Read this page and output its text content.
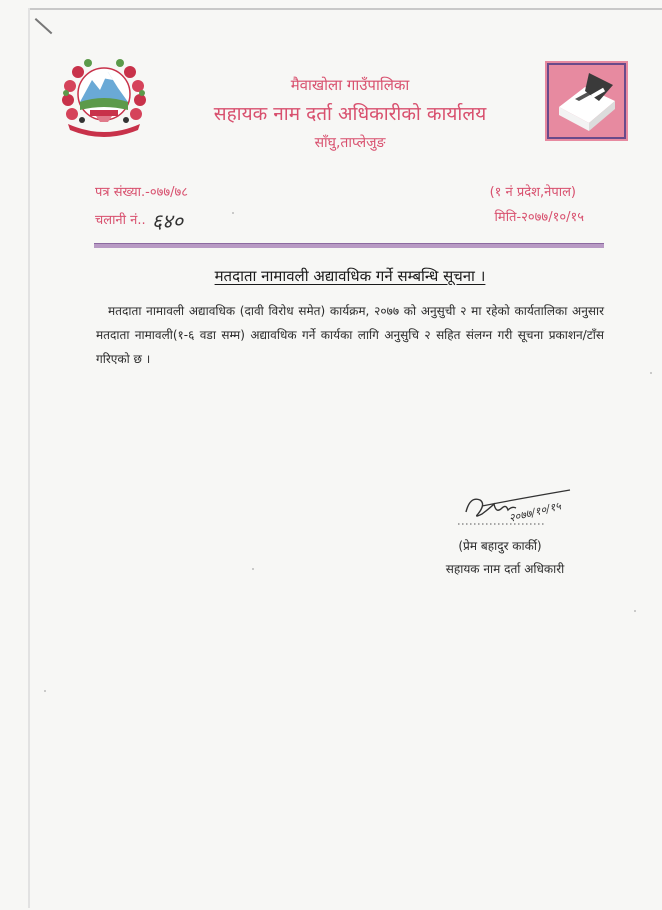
मैवाखोला गाउँपालिका
सहायक नाम दर्ता अधिकारीको कार्यालय
साँघु,ताप्लेजुङ
पत्र संख्या.-०७७/७८
चलानी नं.. ६४०
(१ नं प्रदेश,नेपाल)
मिति-२०७७/१०/१५
मतदाता नामावली अद्यावधिक गर्ने सम्बन्धि सूचना ।
मतदाता नामावली अद्यावधिक (दावी विरोध समेत) कार्यक्रम, २०७७ को अनुसुची २ मा रहेको कार्यतालिका अनुसार मतदाता नामावली(१-६ वडा सम्म) अद्यावधिक गर्ने कार्यका लागि अनुसुचि २ सहित संलग्न गरी सूचना प्रकाशन/टाँस गरिएको छ ।
२०७७/१०/१५
(प्रेम बहादुर कार्की)
सहायक नाम दर्ता अधिकारी
